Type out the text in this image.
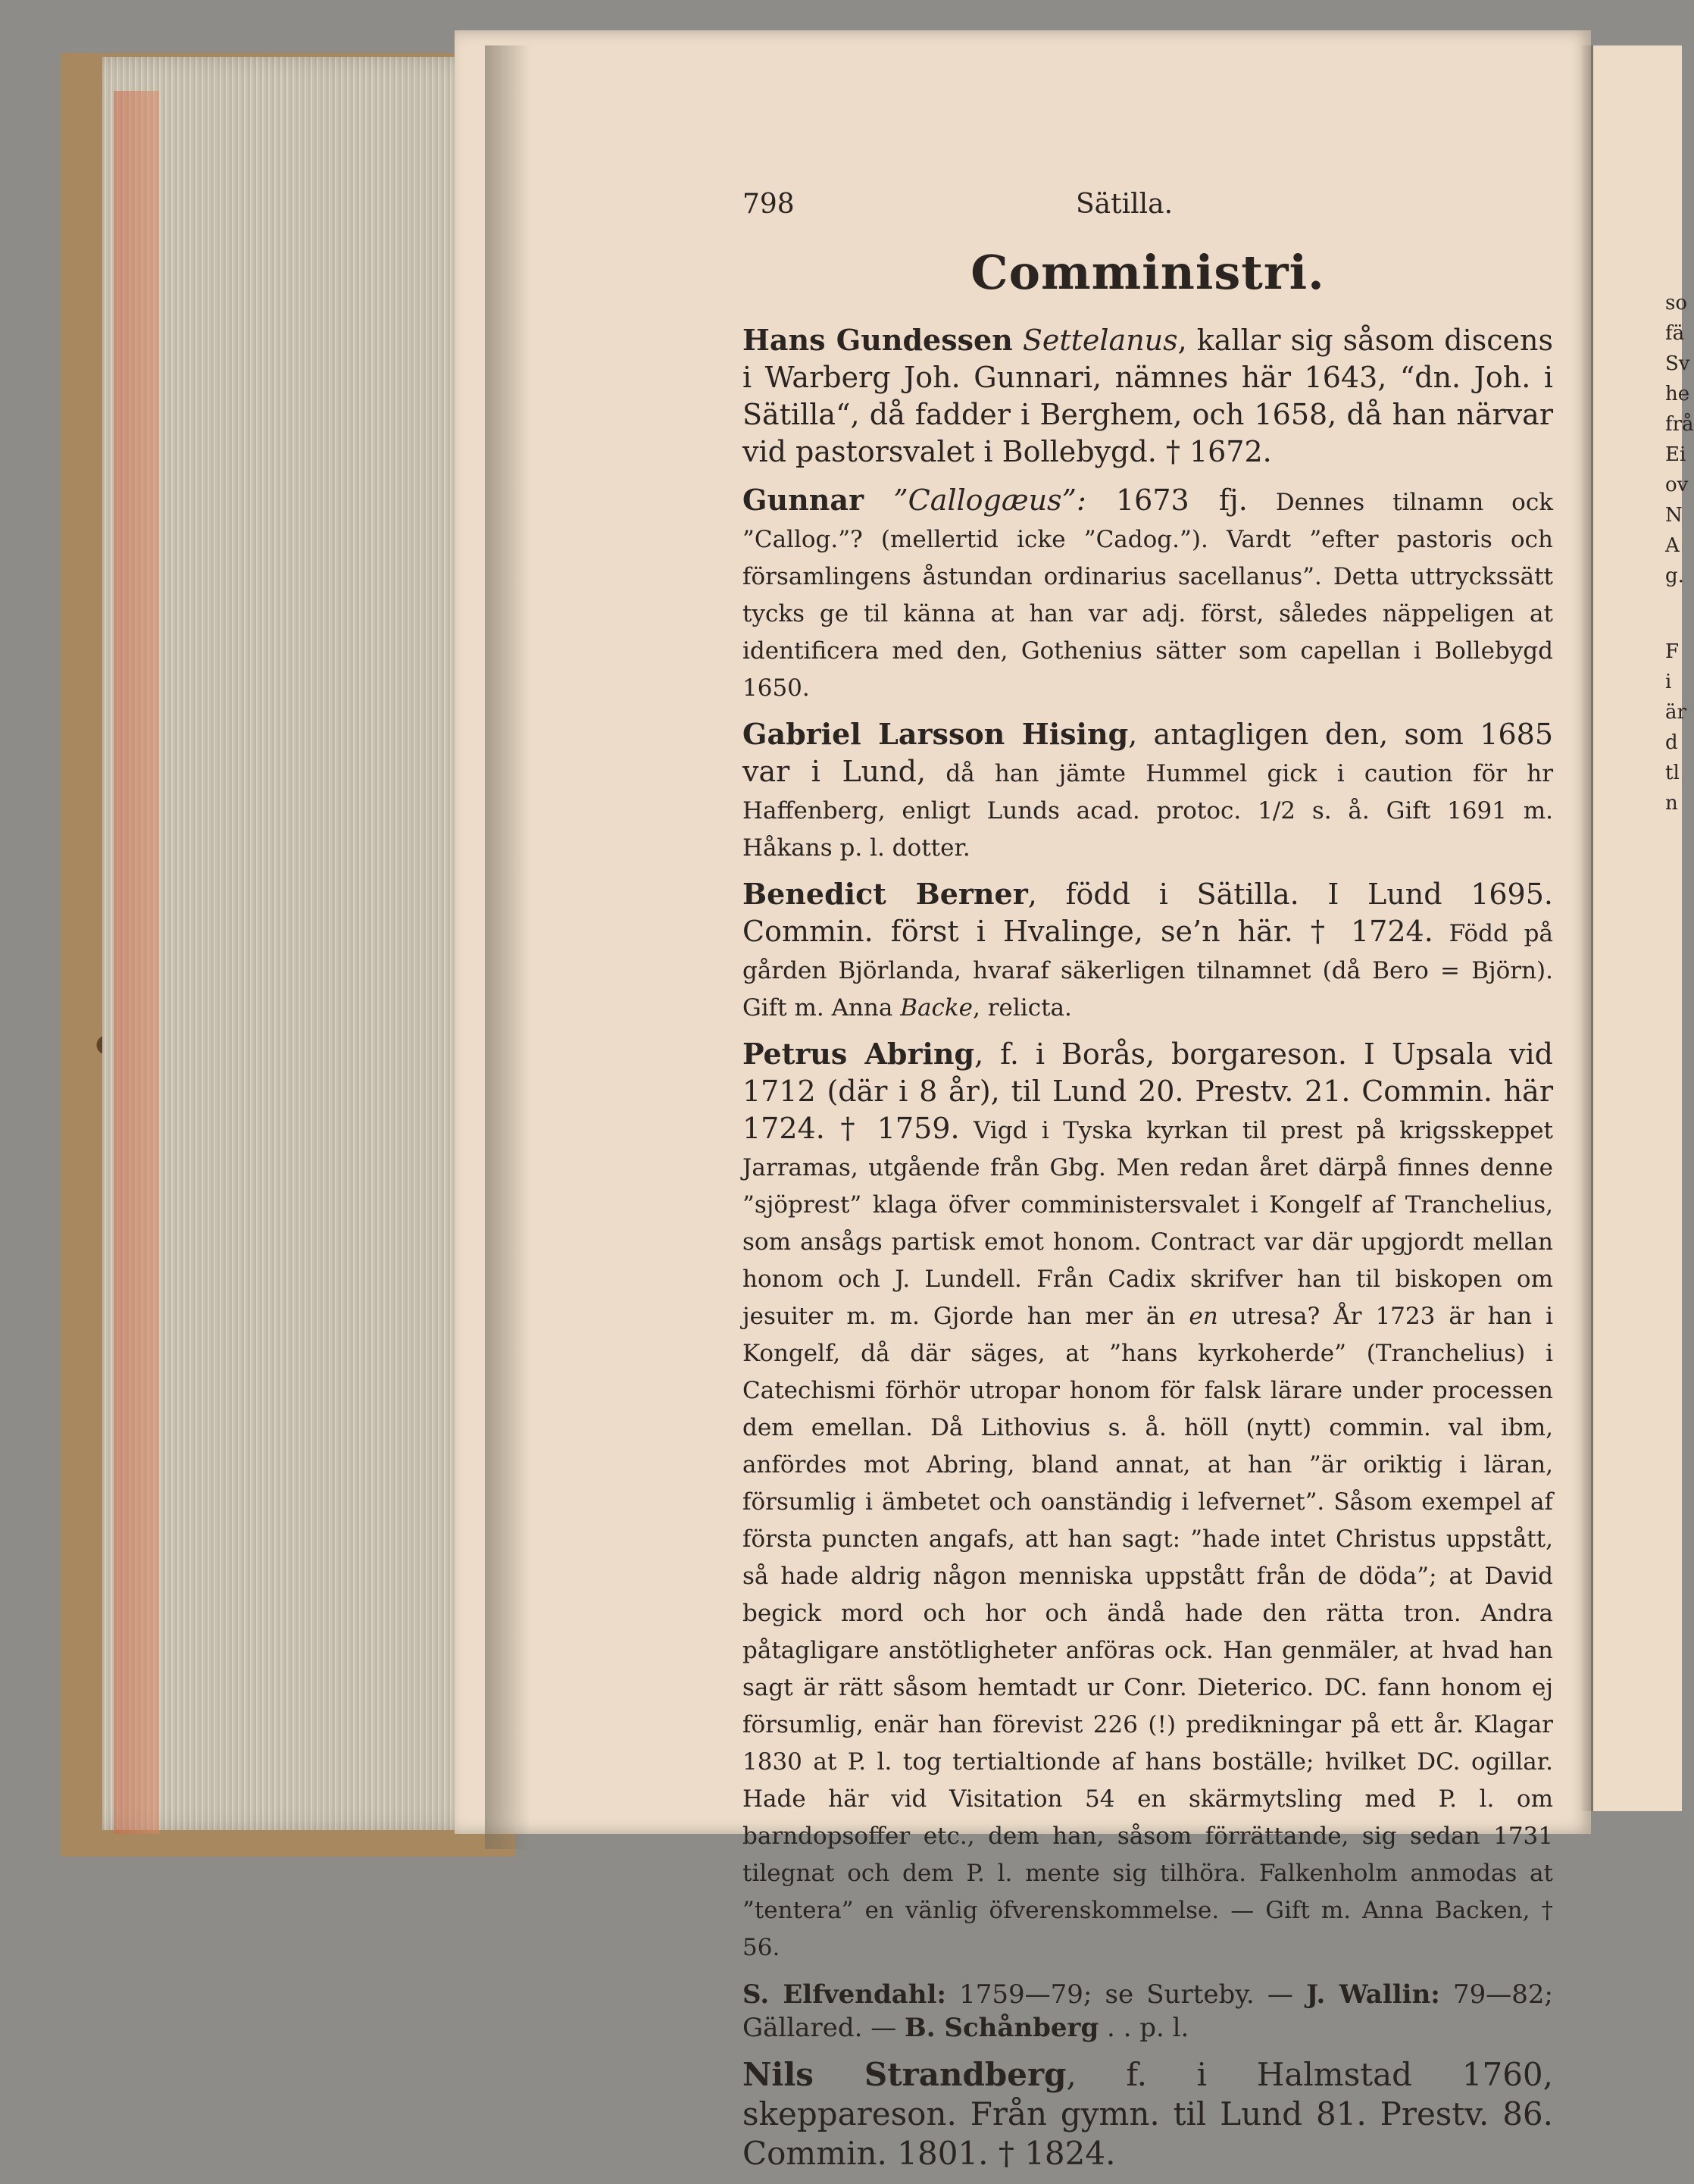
798	Sätilla.
Comministri.

Hans Gundessen Settelanus, kallar sig såsom discens i Warberg Joh. Gunnari, nämnes här 1643, “dn. Joh. i Sätilla“, då fadder i Berghem, och 1658, då han närvar vid pastorsvalet i Bollebygd. † 1672.

Gunnar ”Callogæus”: 1673 fj. Dennes tilnamn ock ”Callog.”? (mellertid icke ”Cadog.”). Vardt ”efter pastoris och församlingens åstundan ordinarius sacellanus”. Detta uttryckssätt tycks ge til känna at han var adj. först, således näppeligen at identificera med den, Gothenius sätter som capellan i Bollebygd 1650.

Gabriel Larsson Hising, antagligen den, som 1685 var i Lund, då han jämte Hummel gick i caution för hr Haffenberg, enligt Lunds acad. protoc. 1/2 s. å. Gift 1691 m. Håkans p. l. dotter.

Benedict Berner, född i Sätilla. I Lund 1695. Commin. först i Hvalinge, se’n här. † 1724. Född på gården Björlanda, hvaraf säkerligen tilnamnet (då Bero = Björn). Gift m. Anna Backe, relicta.

Petrus Abring, f. i Borås, borgareson. I Upsala vid 1712 (där i 8 år), til Lund 20. Prestv. 21. Commin. här 1724. † 1759. Vigd i Tyska kyrkan til prest på krigsskeppet Jarramas, utgående från Gbg. Men redan året därpå finnes denne ”sjöprest” klaga öfver comministersvalet i Kongelf af Tranchelius, som ansågs partisk emot honom. Contract var där upgjordt mellan honom och J. Lundell. Från Cadix skrifver han til biskopen om jesuiter m. m. Gjorde han mer än en utresa? År 1723 är han i Kongelf, då där säges, at ”hans kyrkoherde” (Tranchelius) i Catechismi förhör utropar honom för falsk lärare under processen dem emellan. Då Lithovius s. å. höll (nytt) commin. val ibm, anfördes mot Abring, bland annat, at han ”är oriktig i läran, försumlig i ämbetet och oanständig i lefvernet”. Såsom exempel af första puncten angafs, att han sagt: ”hade intet Christus uppstått, så hade aldrig någon menniska uppstått från de döda”; at David begick mord och hor och ändå hade den rätta tron. Andra påtagligare anstötligheter anföras ock. Han genmäler, at hvad han sagt är rätt såsom hemtadt ur Conr. Dieterico. DC. fann honom ej försumlig, enär han förevist 226 (!) predikningar på ett år. Klagar 1830 at P. l. tog tertialtionde af hans boställe; hvilket DC. ogillar. Hade här vid Visitation 54 en skärmytsling med P. l. om barndopsoffer etc., dem han, såsom förrättande, sig sedan 1731 tilegnat och dem P. l. mente sig tilhöra. Falkenholm anmodas at ”tentera” en vänlig öfverenskommelse. — Gift m. Anna Backen, † 56.

S. Elfvendahl: 1759—79; se Surteby. — J. Wallin: 79—82; Gällared. — B. Schånberg . . p. l.

Nils Strandberg, f. i Halmstad 1760, skeppareson. Från gymn. til Lund 81. Prestv. 86. Commin. 1801. † 1824.

so
fä
Sv
he
frå
Ei
ov
N
A
g.
F
i
är
d
tl
n
